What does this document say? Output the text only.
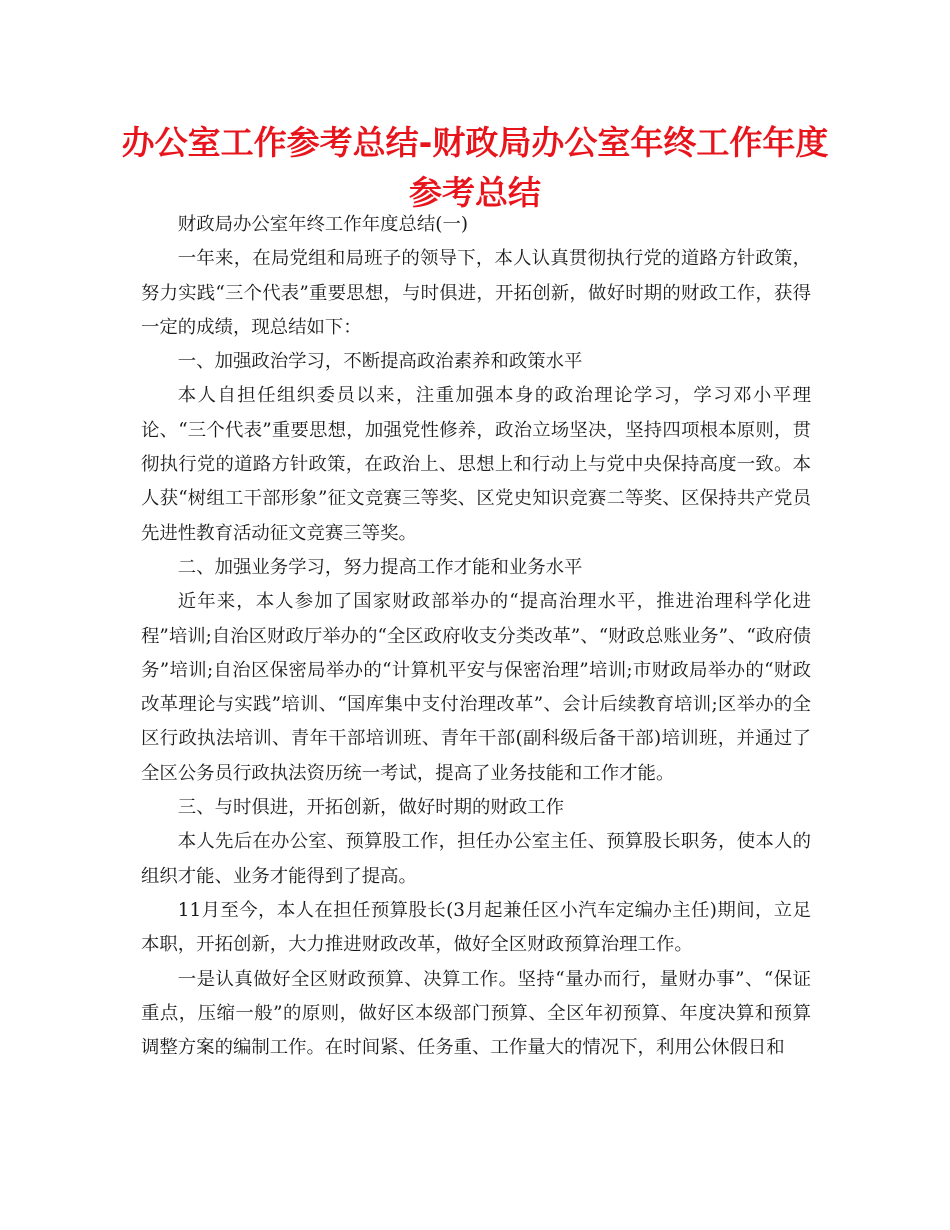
办公室工作参考总结-财政局办公室年终工作年度
参考总结

财政局办公室年终工作年度总结(一)

一年来，在局党组和局班子的领导下，本人认真贯彻执行党的道路方针政策，努力实践“三个代表”重要思想，与时俱进，开拓创新，做好时期的财政工作，获得一定的成绩，现总结如下：

一、加强政治学习，不断提高政治素养和政策水平

本人自担任组织委员以来，注重加强本身的政治理论学习，学习邓小平理论、“三个代表”重要思想，加强党性修养，政治立场坚决，坚持四项根本原则，贯彻执行党的道路方针政策，在政治上、思想上和行动上与党中央保持高度一致。本人获“树组工干部形象”征文竞赛三等奖、区党史知识竞赛二等奖、区保持共产党员先进性教育活动征文竞赛三等奖。

二、加强业务学习，努力提高工作才能和业务水平

近年来，本人参加了国家财政部举办的“提高治理水平，推进治理科学化进程”培训;自治区财政厅举办的“全区政府收支分类改革”、“财政总账业务”、“政府债务”培训;自治区保密局举办的“计算机平安与保密治理”培训;市财政局举办的“财政改革理论与实践”培训、“国库集中支付治理改革”、会计后续教育培训;区举办的全区行政执法培训、青年干部培训班、青年干部(副科级后备干部)培训班，并通过了全区公务员行政执法资历统一考试，提高了业务技能和工作才能。

三、与时俱进，开拓创新，做好时期的财政工作

本人先后在办公室、预算股工作，担任办公室主任、预算股长职务，使本人的组织才能、业务才能得到了提高。

11月至今，本人在担任预算股长(3月起兼任区小汽车定编办主任)期间，立足本职，开拓创新，大力推进财政改革，做好全区财政预算治理工作。

一是认真做好全区财政预算、决算工作。坚持“量办而行，量财办事”、“保证重点，压缩一般”的原则，做好区本级部门预算、全区年初预算、年度决算和预算调整方案的编制工作。在时间紧、任务重、工作量大的情况下，利用公休假日和
